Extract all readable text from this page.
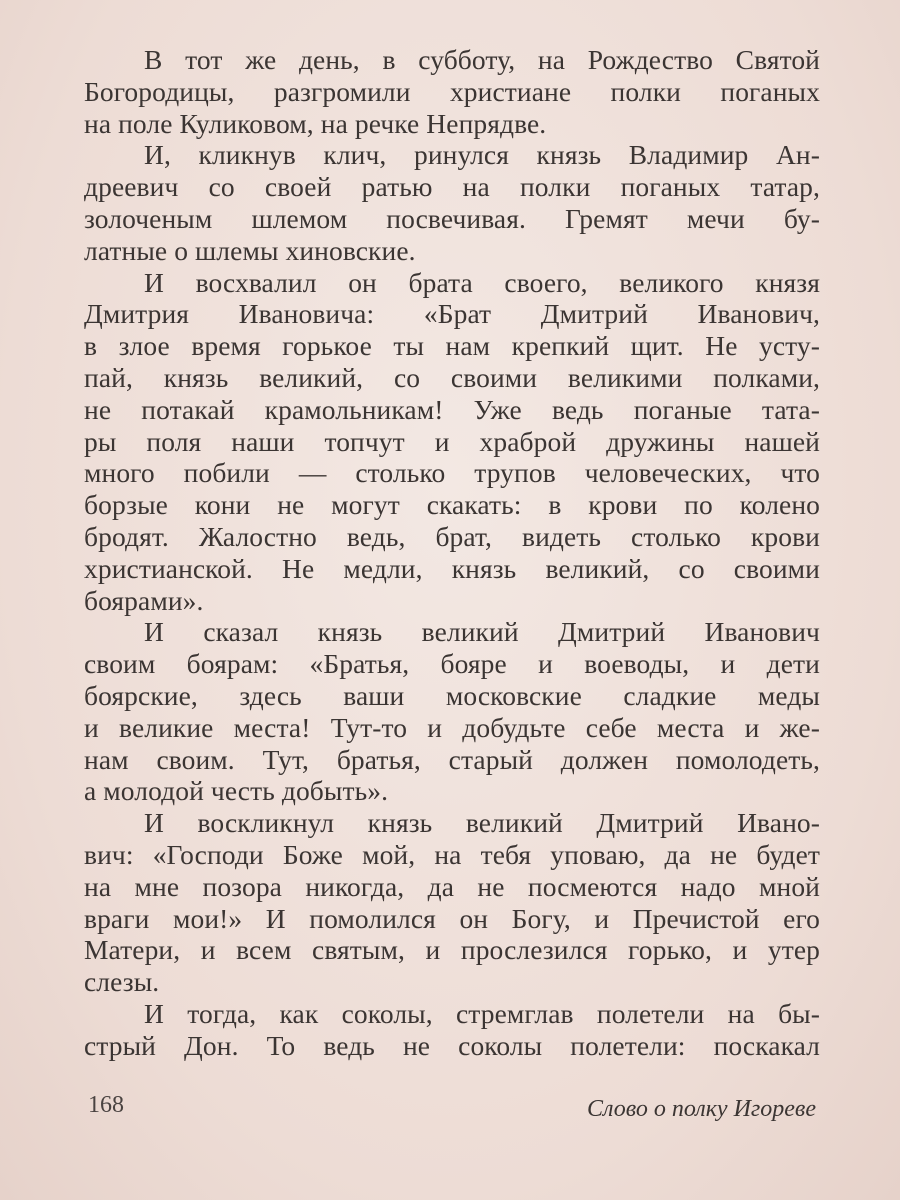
В тот же день, в субботу, на Рождество Святой
Богородицы, разгромили христиане полки поганых
на поле Куликовом, на речке Непрядве.
И, кликнув клич, ринулся князь Владимир Ан-
дреевич со своей ратью на полки поганых татар,
золоченым шлемом посвечивая. Гремят мечи бу-
латные о шлемы хиновские.
И восхвалил он брата своего, великого князя
Дмитрия Ивановича: «Брат Дмитрий Иванович,
в злое время горькое ты нам крепкий щит. Не усту-
пай, князь великий, со своими великими полками,
не потакай крамольникам! Уже ведь поганые тата-
ры поля наши топчут и храброй дружины нашей
много побили — столько трупов человеческих, что
борзые кони не могут скакать: в крови по колено
бродят. Жалостно ведь, брат, видеть столько крови
христианской. Не медли, князь великий, со своими
боярами».
И сказал князь великий Дмитрий Иванович
своим боярам: «Братья, бояре и воеводы, и дети
боярские, здесь ваши московские сладкие меды
и великие места! Тут-то и добудьте себе места и же-
нам своим. Тут, братья, старый должен помолодеть,
а молодой честь добыть».
И воскликнул князь великий Дмитрий Ивано-
вич: «Господи Боже мой, на тебя уповаю, да не будет
на мне позора никогда, да не посмеются надо мной
враги мои!» И помолился он Богу, и Пречистой его
Матери, и всем святым, и прослезился горько, и утер
слезы.
И тогда, как соколы, стремглав полетели на бы-
стрый Дон. То ведь не соколы полетели: поскакал
168	Слово о полку Игореве
